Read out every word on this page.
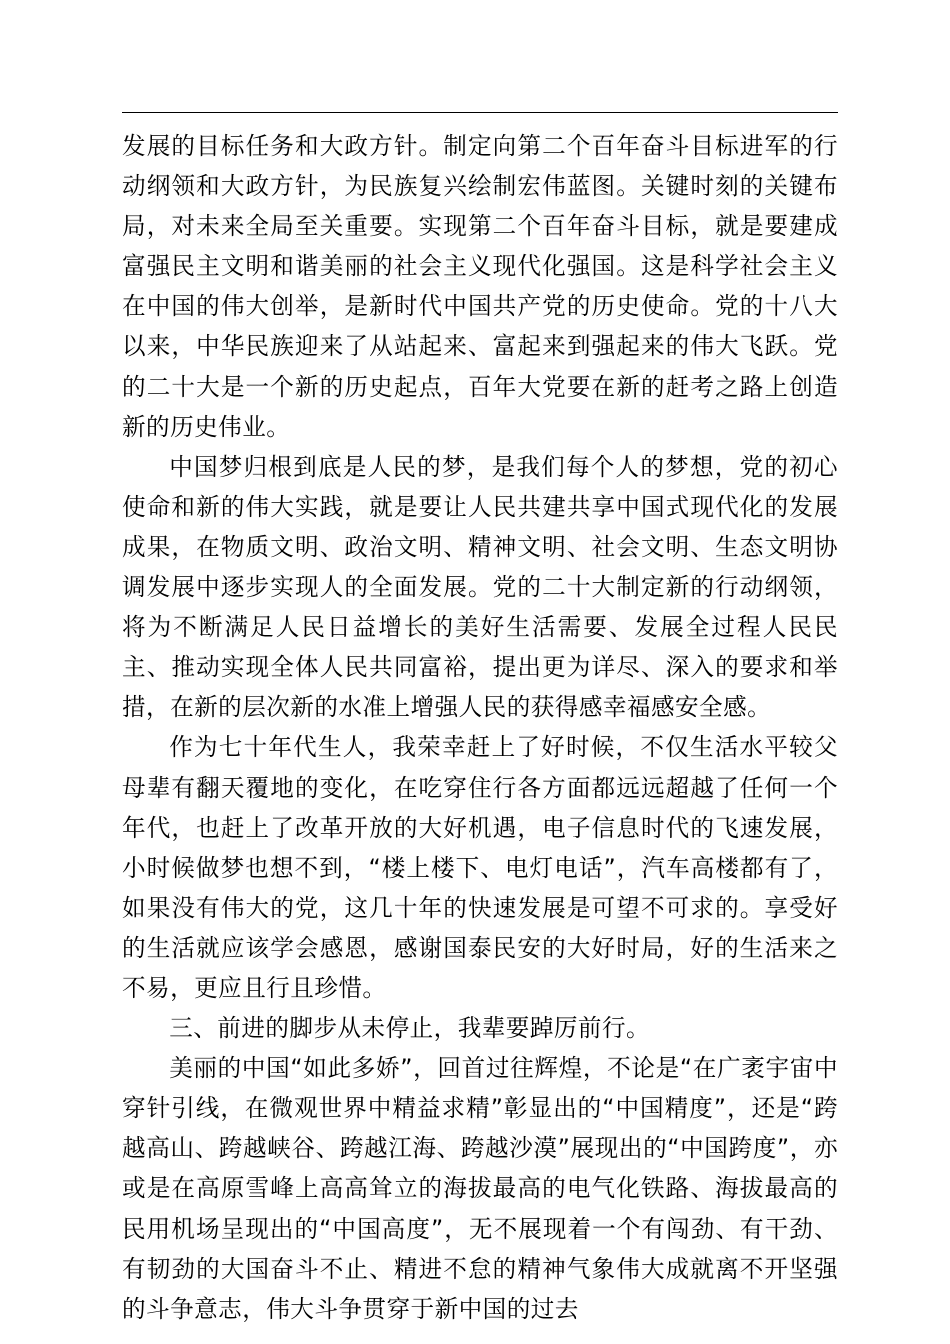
发展的目标任务和大政方针。制定向第二个百年奋斗目标进军的行动纲领和大政方针，为民族复兴绘制宏伟蓝图。关键时刻的关键布局，对未来全局至关重要。实现第二个百年奋斗目标，就是要建成富强民主文明和谐美丽的社会主义现代化强国。这是科学社会主义在中国的伟大创举，是新时代中国共产党的历史使命。党的十八大以来，中华民族迎来了从站起来、富起来到强起来的伟大飞跃。党的二十大是一个新的历史起点，百年大党要在新的赶考之路上创造新的历史伟业。

中国梦归根到底是人民的梦，是我们每个人的梦想，党的初心使命和新的伟大实践，就是要让人民共建共享中国式现代化的发展成果，在物质文明、政治文明、精神文明、社会文明、生态文明协调发展中逐步实现人的全面发展。党的二十大制定新的行动纲领，将为不断满足人民日益增长的美好生活需要、发展全过程人民民主、推动实现全体人民共同富裕，提出更为详尽、深入的要求和举措，在新的层次新的水准上增强人民的获得感幸福感安全感。

作为七十年代生人，我荣幸赶上了好时候，不仅生活水平较父母辈有翻天覆地的变化，在吃穿住行各方面都远远超越了任何一个年代，也赶上了改革开放的大好机遇，电子信息时代的飞速发展，小时候做梦也想不到，“楼上楼下、电灯电话”，汽车高楼都有了，如果没有伟大的党，这几十年的快速发展是可望不可求的。享受好的生活就应该学会感恩，感谢国泰民安的大好时局，好的生活来之不易，更应且行且珍惜。

三、前进的脚步从未停止，我辈要踔厉前行。

美丽的中国“如此多娇”，回首过往辉煌，不论是“在广袤宇宙中穿针引线，在微观世界中精益求精”彰显出的“中国精度”，还是“跨越高山、跨越峡谷、跨越江海、跨越沙漠”展现出的“中国跨度”，亦或是在高原雪峰上高高耸立的海拔最高的电气化铁路、海拔最高的民用机场呈现出的“中国高度”，无不展现着一个有闯劲、有干劲、有韧劲的大国奋斗不止、精进不怠的精神气象伟大成就离不开坚强的斗争意志，伟大斗争贯穿于新中国的过去
